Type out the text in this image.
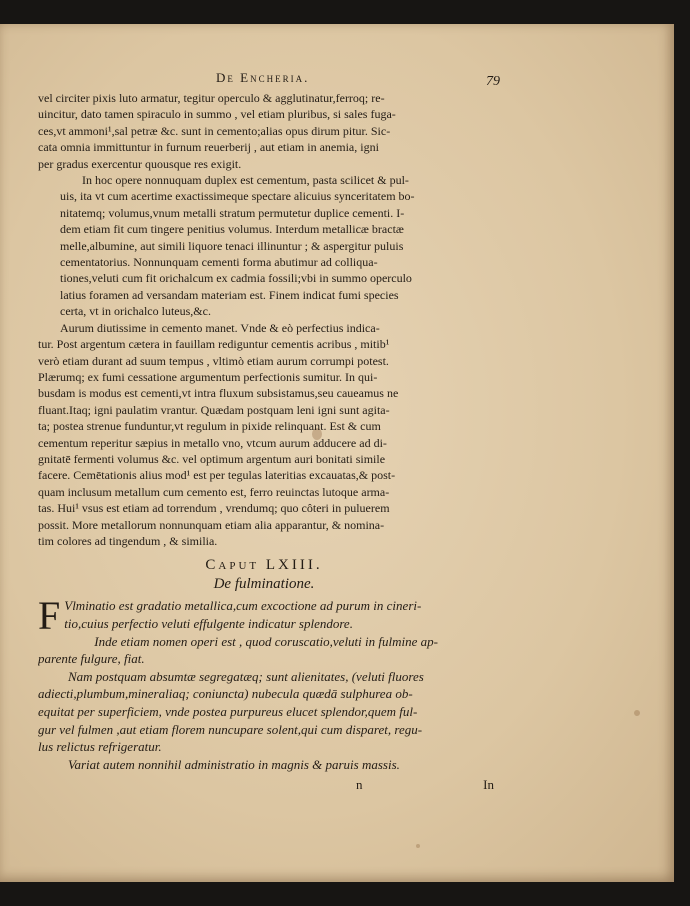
De Encheria.	79

vel circiter pixis luto armatur, tegitur operculo & agglutinatur,ferroq; re-
uincitur, dato tamen spiraculo in summo , vel etiam pluribus, si sales fuga-
ces,vt ammoni¹,sal petræ &c. sunt in cemento;alias opus dirum pitur. Sic-
cata omnia immittuntur in furnum reuerberij , aut etiam in anemia, igni
per gradus exercentur quousque res exigit.

In hoc opere nonnuquam duplex est cementum, pasta scilicet & pul-
uis, ita vt cum acertime exactissimeque spectare alicuius synceritatem bo-
nitatemq; volumus,vnum metalli stratum permutetur duplice cementi. I-
dem etiam fit cum tingere penitius volumus. Interdum metallicæ bractæ
melle,albumine, aut simili liquore tenaci illinuntur ; & aspergitur puluis
cementatorius. Nonnunquam cementi forma abutimur ad colliqua-
tiones,veluti cum fit orichalcum ex cadmia fossili;vbi in summo operculo
latius foramen ad versandam materiam est. Finem indicat fumi species
certa, vt in orichalco luteus,&c.

Aurum diutissime in cemento manet. Vnde & eò perfectius indica-
tur. Post argentum cætera in fauillam rediguntur cementis acribus , mitib¹
verò etiam durant ad suum tempus , vltimò etiam aurum corrumpi potest.
Plærumq; ex fumi cessatione argumentum perfectionis sumitur. In qui-
busdam is modus est cementi,vt intra fluxum subsistamus,seu caueamus ne
fluant.Itaq; igni paulatim vrantur. Quædam postquam leni igni sunt agita-
ta; postea strenue funduntur,vt regulum in pixide relinquant. Est & cum
cementum reperitur sæpius in metallo vno, vtcum aurum adducere ad di-
gnitatē fermenti volumus &c. vel optimum argentum auri bonitati simile
facere. Cemētationis alius mod¹ est per tegulas lateritias excauatas,& post-
quam inclusum metallum cum cemento est, ferro reuinctas lutoque arma-
tas. Hui¹ vsus est etiam ad torrendum , vrendumq; quo côteri in puluerem
possit. More metallorum nonnunquam etiam alia apparantur, & nomina-
tim colores ad tingendum , & similia.

Caput LXIII.
De fulminatione.

F Vlminatio est gradatio metallica,cum excoctione ad purum in cineri-
tio,cuius perfectio veluti effulgente indicatur splendore.

Inde etiam nomen operi est , quod coruscatio,veluti in fulmine ap-
parente fulgure, fiat.

Nam postquam absumtæ segregatæq; sunt alienitates, (veluti fluores
adiecti,plumbum,mineraliaq; coniuncta) nubecula quædā sulphurea ob-
equitat per superficiem, vnde postea purpureus elucet splendor,quem ful-
gur vel fulmen ,aut etiam florem nuncupare solent,qui cum disparet, regu-
lus relictus refrigeratur.

Variat autem nonnihil administratio in magnis & paruis massis.

n	In
